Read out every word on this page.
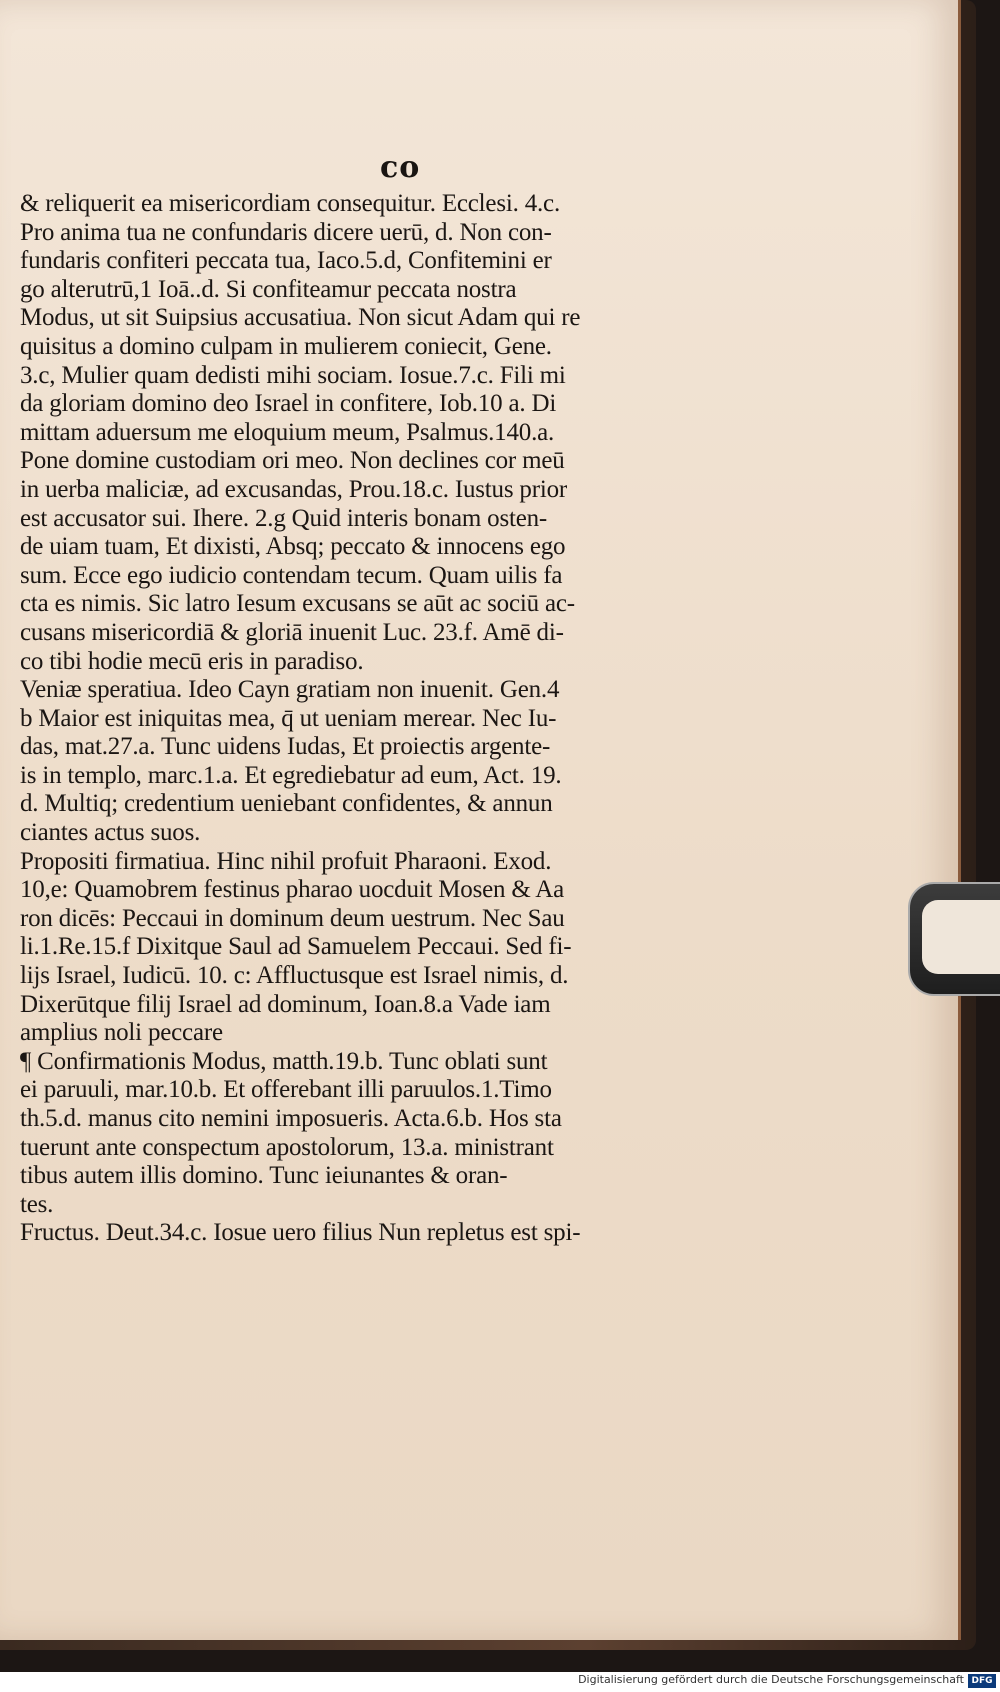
co
& reliquerit ea misericordiam consequitur. Ecclesi. 4.c.
Pro anima tua ne confundaris dicere uerū, d. Non con-
fundaris confiteri peccata tua, Iaco.5.d, Confitemini er
go alterutrū,1 Ioā..d. Si confiteamur peccata nostra
Modus, ut sit Suipsius accusatiua. Non sicut Adam qui re
quisitus a domino culpam in mulierem coniecit, Gene.
3.c, Mulier quam dedisti mihi sociam. Iosue.7.c. Fili mi
da gloriam domino deo Israel in confitere, Iob.10 a. Di
mittam aduersum me eloquium meum, Psalmus.140.a.
Pone domine custodiam ori meo. Non declines cor meū
in uerba maliciæ, ad excusandas, Prou.18.c. Iustus prior
est accusator sui. Ihere. 2.g Quid interis bonam osten-
de uiam tuam, Et dixisti, Absq; peccato & innocens ego
sum. Ecce ego iudicio contendam tecum. Quam uilis fa
cta es nimis. Sic latro Iesum excusans se aūt ac sociū ac-
cusans misericordiā & gloriā inuenit Luc. 23.f. Amē di-
co tibi hodie mecū eris in paradiso.
Veniæ speratiua. Ideo Cayn gratiam non inuenit. Gen.4
b Maior est iniquitas mea, q̄ ut ueniam merear. Nec Iu-
das, mat.27.a. Tunc uidens Iudas, Et proiectis argente-
is in templo, marc.1.a. Et egrediebatur ad eum, Act. 19.
d. Multiq; credentium ueniebant confidentes, & annun
ciantes actus suos.
Propositi firmatiua. Hinc nihil profuit Pharaoni. Exod.
10,e: Quamobrem festinus pharao uocduit Mosen & Aa
ron dicēs: Peccaui in dominum deum uestrum. Nec Sau
li.1.Re.15.f Dixitque Saul ad Samuelem Peccaui. Sed fi-
lijs Israel, Iudicū. 10. c: Affluctusque est Israel nimis, d.
Dixerūtque filij Israel ad dominum, Ioan.8.a Vade iam
amplius noli peccare
¶ Confirmationis Modus, matth.19.b. Tunc oblati sunt
ei paruuli, mar.10.b. Et offerebant illi paruulos.1.Timo
th.5.d. manus cito nemini imposueris. Acta.6.b. Hos sta
tuerunt ante conspectum apostolorum, 13.a. ministrant
tibus autem illis domino. Tunc ieiunantes & oran-
tes.
Fructus. Deut.34.c. Iosue uero filius Nun repletus est spi-
Digitalisierung gefördert durch die Deutsche Forschungsgemeinschaft DFG
